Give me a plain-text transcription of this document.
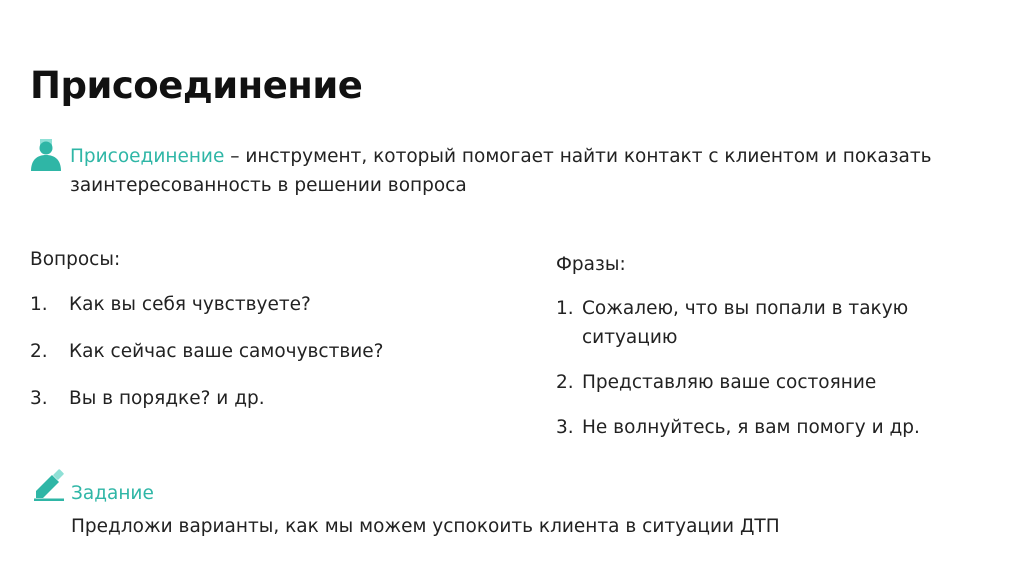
Присоединение

Присоединение – инструмент, который помогает найти контакт с клиентом и показать заинтересованность в решении вопроса

Вопросы:

1. Как вы себя чувствуете?
2. Как сейчас ваше самочувствие?
3. Вы в порядке? и др.

Фразы:

1. Сожалею, что вы попали в такую ситуацию
2. Представляю ваше состояние
3. Не волнуйтесь, я вам помогу и др.

Задание

Предложи варианты, как мы можем успокоить клиента в ситуации ДТП
